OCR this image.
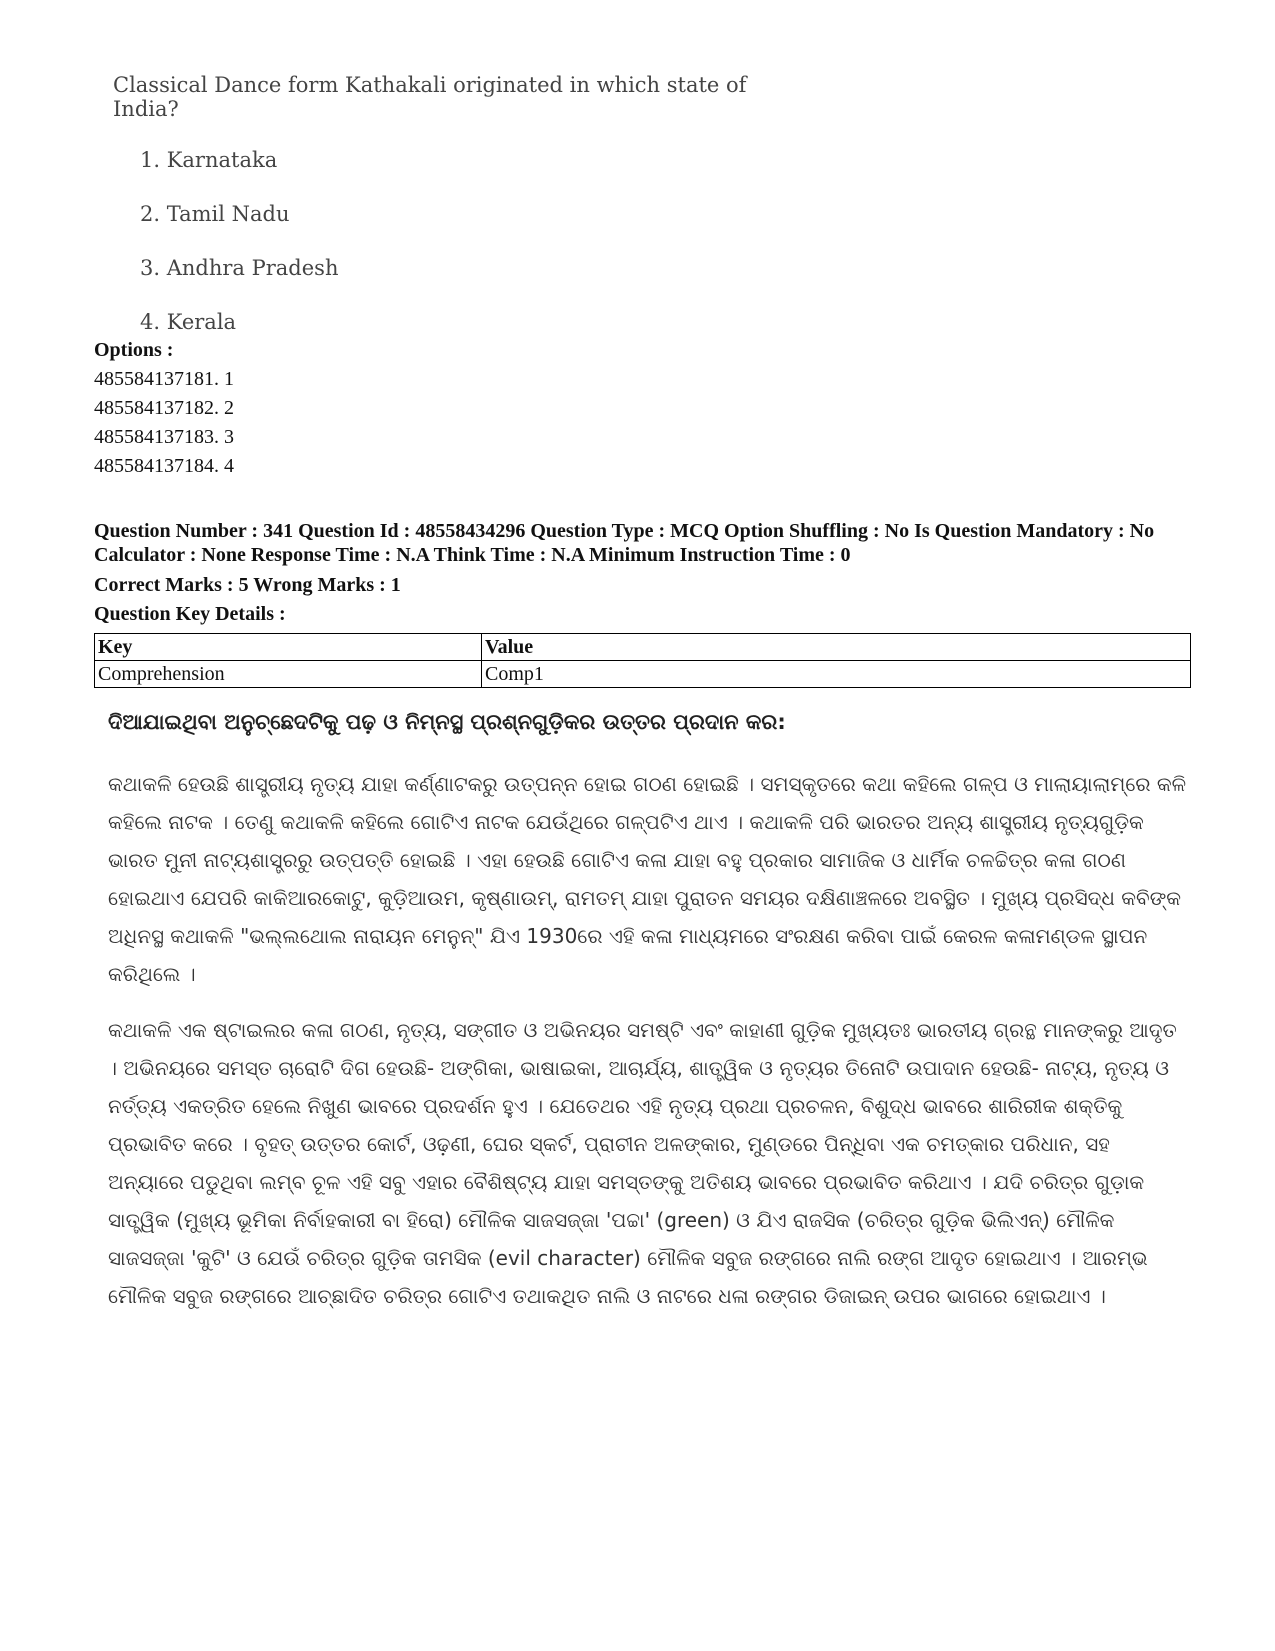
Classical Dance form Kathakali originated in which state of India?
1. Karnataka
2. Tamil Nadu
3. Andhra Pradesh
4. Kerala
Options :
485584137181. 1
485584137182. 2
485584137183. 3
485584137184. 4
Question Number : 341 Question Id : 48558434296 Question Type : MCQ Option Shuffling : No Is Question Mandatory : No Calculator : None Response Time : N.A Think Time : N.A Minimum Instruction Time : 0
Correct Marks : 5 Wrong Marks : 1
Question Key Details :
Key	Value
Comprehension	Comp1
ଦିଆଯାଇଥିବା ଅନୁଚ୍ଛେଦଟିକୁ ପଢ଼ ଓ ନିମ୍ନସ୍ଥ ପ୍ରଶ୍ନଗୁଡ଼ିକର ଉତ୍ତର ପ୍ରଦାନ କର:

କଥାକଳି ହେଉଛି ଶାସ୍ତ୍ରୀୟ ନୃତ୍ୟ ଯାହା କର୍ଣ୍ଣାଟକରୁ ଉତ୍ପନ୍ନ ହୋଇ ଗଠଣ ହୋଇଛି । ସମସ୍କୃତରେ କଥା କହିଲେ ଗଳ୍ପ ଓ ମାଲାୟାଲାମ୍‌ରେ କଳି କହିଲେ ନାଟକ । ତେଣୁ କଥାକଳି କହିଲେ ଗୋଟିଏ ନାଟକ ଯେଉଁଥିରେ ଗଳ୍ପଟିଏ ଥାଏ । କଥାକଳି ପରି ଭାରତର ଅନ୍ୟ ଶାସ୍ତ୍ରୀୟ ନୃତ୍ୟଗୁଡ଼ିକ ଭାରତ ମୁନୀ ନାଟ୍ୟଶାସ୍ତ୍ରରୁ ଉତ୍ପତ୍ତି ହୋଇଛି । ଏହା ହେଉଛି ଗୋଟିଏ କଳା ଯାହା ବହୁ ପ୍ରକାର ସାମାଜିକ ଓ ଧାର୍ମିକ ଚଳଚ୍ଚିତ୍ର କଳା ଗଠଣ ହୋଇଥାଏ ଯେପରି କାକିଆରକୋଟୁ, କୁଡ଼ିଆଉମ, କୃଷ୍ଣାଉମ୍, ରାମତମ୍ ଯାହା ପୁରାତନ ସମୟର ଦକ୍ଷିଣାଞ୍ଚଳରେ ଅବସ୍ଥିତ । ମୁଖ୍ୟ ପ୍ରସିଦ୍ଧ କବିଙ୍କ ଅଧିନସ୍ଥ କଥାକଳି "ଭଲ୍ଲଥୋଲ ନାରାୟନ ମେନୁନ୍" ଯିଏ 1930ରେ ଏହି କଳା ମାଧ୍ୟମରେ ସଂରକ୍ଷଣ କରିବା ପାଇଁ କେରଳ କଳାମଣ୍ଡଳ ସ୍ଥାପନ କରିଥିଲେ ।

କଥାକଳି ଏକ ଷ୍ଟାଇଲର କଳା ଗଠଣ, ନୃତ୍ୟ, ସଙ୍ଗୀତ ଓ ଅଭିନୟର ସମଷ୍ଟି ଏବଂ କାହାଣୀ ଗୁଡ଼ିକ ମୁଖ୍ୟତଃ ଭାରତୀୟ ଗ୍ରନ୍ଥ ମାନଙ୍କରୁ ଆଦୃତ । ଅଭିନୟରେ ସମସ୍ତ ଚାରୋଟି ଦିଗ ହେଉଛି- ଅଙ୍ଗିକା, ଭାଷାଇକା, ଆଚାର୍ଯ୍ୟ, ଶାତ୍ତ୍ୱିକ ଓ ନୃତ୍ୟର ତିନୋଟି ଉପାଦାନ ହେଉଛି- ନାଟ୍ୟ, ନୃତ୍ୟ ଓ ନର୍ତ୍ତ୍ୟ ଏକତ୍ରିତ ହେଲେ ନିଖୁଣ ଭାବରେ ପ୍ରଦର୍ଶନ ହୁଏ । ଯେତେଥର ଏହି ନୃତ୍ୟ ପ୍ରଥା ପ୍ରଚଳନ, ବିଶୁଦ୍ଧ ଭାବରେ ଶାରିରୀକ ଶକ୍ତିକୁ ପ୍ରଭାବିତ କରେ । ବୃହତ୍ ଉତ୍ତର କୋର୍ଟ, ଓଢ଼ଣୀ, ଘେର ସ୍କର୍ଟ, ପ୍ରାଚୀନ ଅଳଙ୍କାର, ମୁଣ୍ଡରେ ପିନ୍ଧିବା ଏକ ଚମତ୍କାର ପରିଧାନ, ସହ ଅନ୍ୟାରେ ପଡୁଥିବା ଲମ୍ବ ଚୂଳ ଏହି ସବୁ ଏହାର ବୈଶିଷ୍ଟ୍ୟ ଯାହା ସମସ୍ତଙ୍କୁ ଅତିଶୟ ଭାବରେ ପ୍ରଭାବିତ କରିଥାଏ । ଯଦି ଚରିତ୍ର ଗୁଡ଼ାକ ସାତ୍ତ୍ୱିକ (ମୁଖ୍ୟ ଭୂମିକା ନିର୍ବାହକାରୀ ବା ହିରୋ) ମୌଳିକ ସାଜସଜ୍ଜା 'ପଚ୍ଚା' (green) ଓ ଯିଏ ରାଜସିକ (ଚରିତ୍ର ଗୁଡ଼ିକ ଭିଲିଏନ୍) ମୌଳିକ ସାଜସଜ୍ଜା 'କୁଟି' ଓ ଯେଉଁ ଚରିତ୍ର ଗୁଡ଼ିକ ତାମସିକ (evil character) ମୌଳିକ ସବୁଜ ରଙ୍ଗରେ ନାଲି ରଙ୍ଗ ଆଦୃତ ହୋଇଥାଏ । ଆରମ୍ଭ ମୌଳିକ ସବୁଜ ରଙ୍ଗରେ ଆଚ୍ଛାଦିତ ଚରିତ୍ର ଗୋଟିଏ ତଥାକଥିତ ନାଲି ଓ ନାଟରେ ଧଳା ରଙ୍ଗର ଡିଜାଇନ୍ ଉପର ଭାଗରେ ହୋଇଥାଏ ।
